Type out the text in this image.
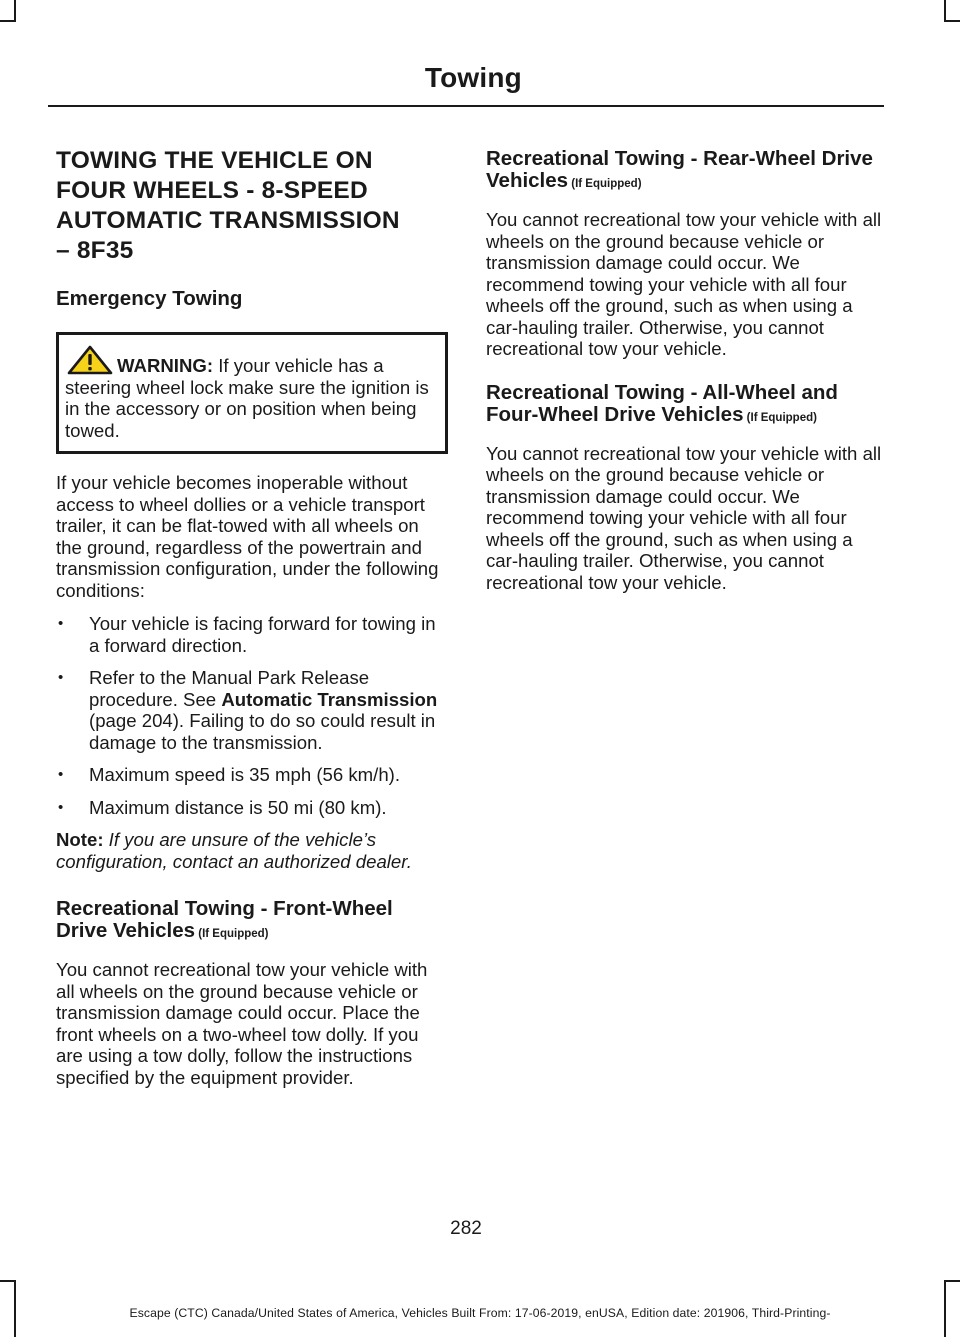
Towing
TOWING THE VEHICLE ON
FOUR WHEELS - 8-SPEED
AUTOMATIC TRANSMISSION
– 8F35
Emergency Towing
WARNING: If your vehicle has a steering wheel lock make sure the ignition is in the accessory or on position when being towed.

If your vehicle becomes inoperable without access to wheel dollies or a vehicle transport trailer, it can be flat-towed with all wheels on the ground, regardless of the powertrain and transmission configuration, under the following conditions:

• Your vehicle is facing forward for towing in a forward direction.
• Refer to the Manual Park Release procedure. See Automatic Transmission (page 204). Failing to do so could result in damage to the transmission.
• Maximum speed is 35 mph (56 km/h).
• Maximum distance is 50 mi (80 km).

Note: If you are unsure of the vehicle’s configuration, contact an authorized dealer.

Recreational Towing - Front-Wheel Drive Vehicles (If Equipped)

You cannot recreational tow your vehicle with all wheels on the ground because vehicle or transmission damage could occur. Place the front wheels on a two-wheel tow dolly. If you are using a tow dolly, follow the instructions specified by the equipment provider.

Recreational Towing - Rear-Wheel Drive Vehicles (If Equipped)

You cannot recreational tow your vehicle with all wheels on the ground because vehicle or transmission damage could occur. We recommend towing your vehicle with all four wheels off the ground, such as when using a car-hauling trailer. Otherwise, you cannot recreational tow your vehicle.

Recreational Towing - All-Wheel and Four-Wheel Drive Vehicles (If Equipped)

You cannot recreational tow your vehicle with all wheels on the ground because vehicle or transmission damage could occur. We recommend towing your vehicle with all four wheels off the ground, such as when using a car-hauling trailer. Otherwise, you cannot recreational tow your vehicle.

282
Escape (CTC) Canada/United States of America, Vehicles Built From: 17-06-2019, enUSA, Edition date: 201906, Third-Printing-
